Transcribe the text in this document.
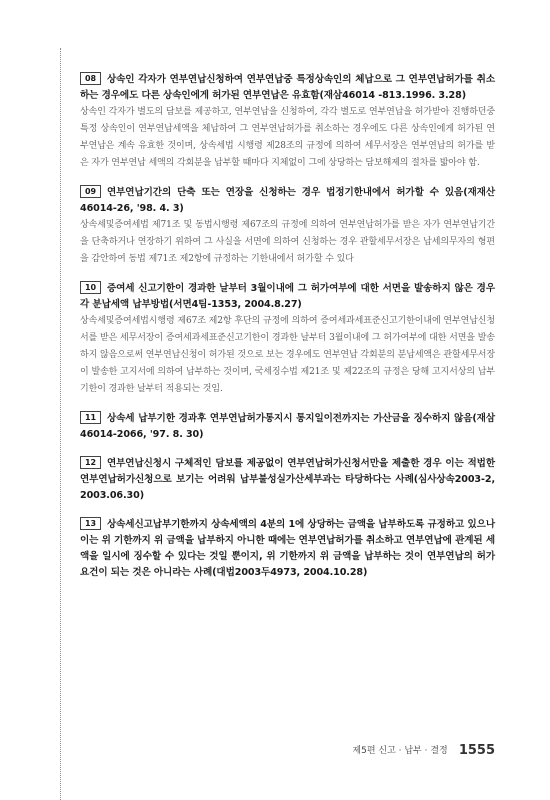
08 상속인 각자가 연부연납신청하여 연부연납중 특정상속인의 체납으로 그 연부연납허가를 취소하는 경우에도 다른 상속인에게 허가된 연부연납은 유효함(재삼46014 -813.1996. 3.28)
상속인 각자가 별도의 담보를 제공하고, 연부연납을 신청하여, 각각 별도로 연부연납을 허가받아 진행하던중 특정 상속인이 연부연납세액을 체납하여 그 연부연납허가를 취소하는 경우에도 다른 상속인에게 허가된 연부연납은 계속 유효한 것이며, 상속세법 시행령 제28조의 규정에 의하여 세무서장은 연부연납의 허가를 받은 자가 연부연납 세액의 각회분을 납부할 때마다 지체없이 그에 상당하는 담보해제의 절차를 밟아야 함.
09 연부연납기간의 단축 또는 연장을 신청하는 경우 법정기한내에서 허가할 수 있음(재재산 46014-26, '98. 4. 3)
상속세및증여세법 제71조 및 동법시행령 제67조의 규정에 의하여 연부연납허가를 받은 자가 연부연납기간을 단축하거나 연장하기 위하여 그 사실을 서면에 의하여 신청하는 경우 관할세무서장은 납세의무자의 형편을 감안하여 동법 제71조 제2항에 규정하는 기한내에서 허가할 수 있다
10 증여세 신고기한이 경과한 날부터 3월이내에 그 허가여부에 대한 서면을 발송하지 않은 경우 각 분납세액 납부방법(서면4팀-1353, 2004.8.27)
상속세및증여세법시행령 제67조 제2항 후단의 규정에 의하여 증여세과세표준신고기한이내에 연부연납신청서를 받은 세무서장이 증여세과세표준신고기한이 경과한 날부터 3월이내에 그 허가여부에 대한 서면을 발송하지 않음으로써 연부연납신청이 허가된 것으로 보는 경우에도 연부연납 각회분의 분납세액은 관할세무서장이 발송한 고지서에 의하여 납부하는 것이며, 국세징수법 제21조 및 제22조의 규정은 당해 고지서상의 납부기한이 경과한 날부터 적용되는 것임.
11 상속세 납부기한 경과후 연부연납허가통지시 통지일이전까지는 가산금을 징수하지 않음(재삼 46014-2066, '97. 8. 30)
12 연부연납신청시 구체적인 담보를 제공없이 연부연납허가신청서만을 제출한 경우 이는 적법한 연부연납허가신청으로 보기는 어려워 납부불성실가산세부과는 타당하다는 사례(심사상속2003-2, 2003.06.30)
13 상속세신고납부기한까지 상속세액의 4분의 1에 상당하는 금액을 납부하도록 규정하고 있으나 이는 위 기한까지 위 금액을 납부하지 아니한 때에는 연부연납허가를 취소하고 연부연납에 관계된 세액을 일시에 징수할 수 있다는 것일 뿐이지, 위 기한까지 위 금액을 납부하는 것이 연부연납의 허가요건이 되는 것은 아니라는 사례(대법2003두4973, 2004.10.28)
제5편 신고 · 납부 · 결정 1555
